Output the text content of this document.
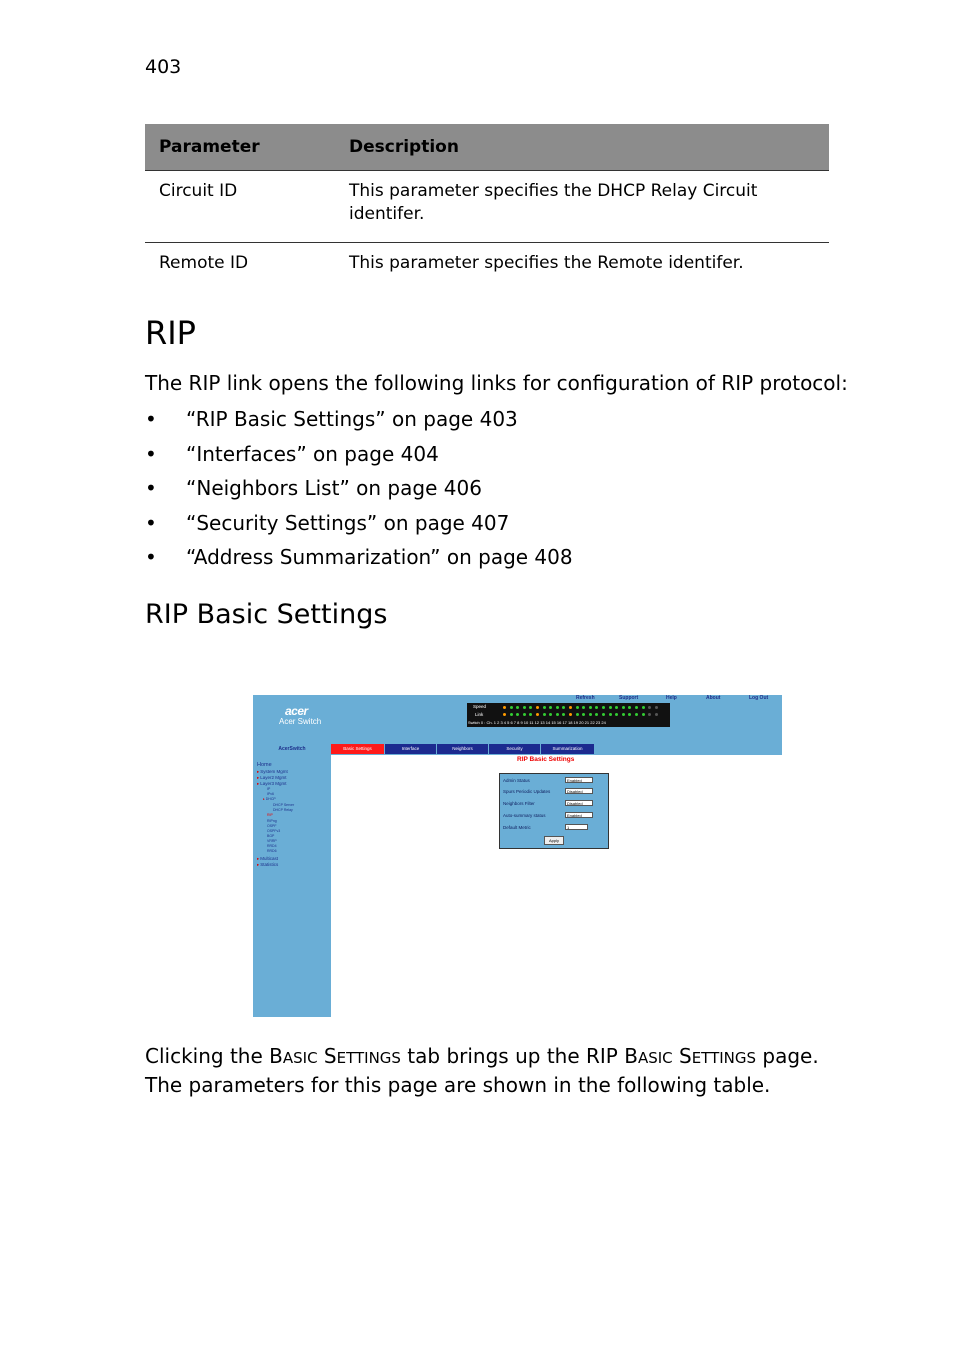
403
Parameter	Description
Circuit ID	This parameter specifies the DHCP Relay Circuit identifer.
Remote ID	This parameter specifies the Remote identifer.
RIP
The RIP link opens the following links for configuration of RIP protocol:
• “RIP Basic Settings” on page 403
• “Interfaces” on page 404
• “Neighbors List” on page 406
• “Security Settings” on page 407
• “Address Summarization” on page 408
RIP Basic Settings
acer
Acer Switch
Refresh	Support	Help	About	Log Out
Speed
Link
Switch 0 : Ch. 1 2 3 4 5 6 7 8 9 10 11 12 13 14 15 16 17 18 19 20 21 22 23 24
AcerSwitch
Home
▸ System Mgmt
▸ Layer2 Mgmt
▸ Layer3 Mgmt
IP
IPv6
▸ DHCP
DHCP Server
DHCP Relay
RIP
RIPng
OSPF
OSPFv3
BGP
VRRP
RRD4
RRD6
▸ Multicast
▸ Statistics
Basic Settings	Interface	Neighbors	Security	Summarization
RIP Basic Settings
Admin Status	Enabled
Spurs Periodic Updates	Disabled
Neighbors Filter	Disabled
Auto-summary status	Enabled
Default Metric	1
Apply
Clicking the BASIC SETTINGS tab brings up the RIP BASIC SETTINGS page.
The parameters for this page are shown in the following table.
